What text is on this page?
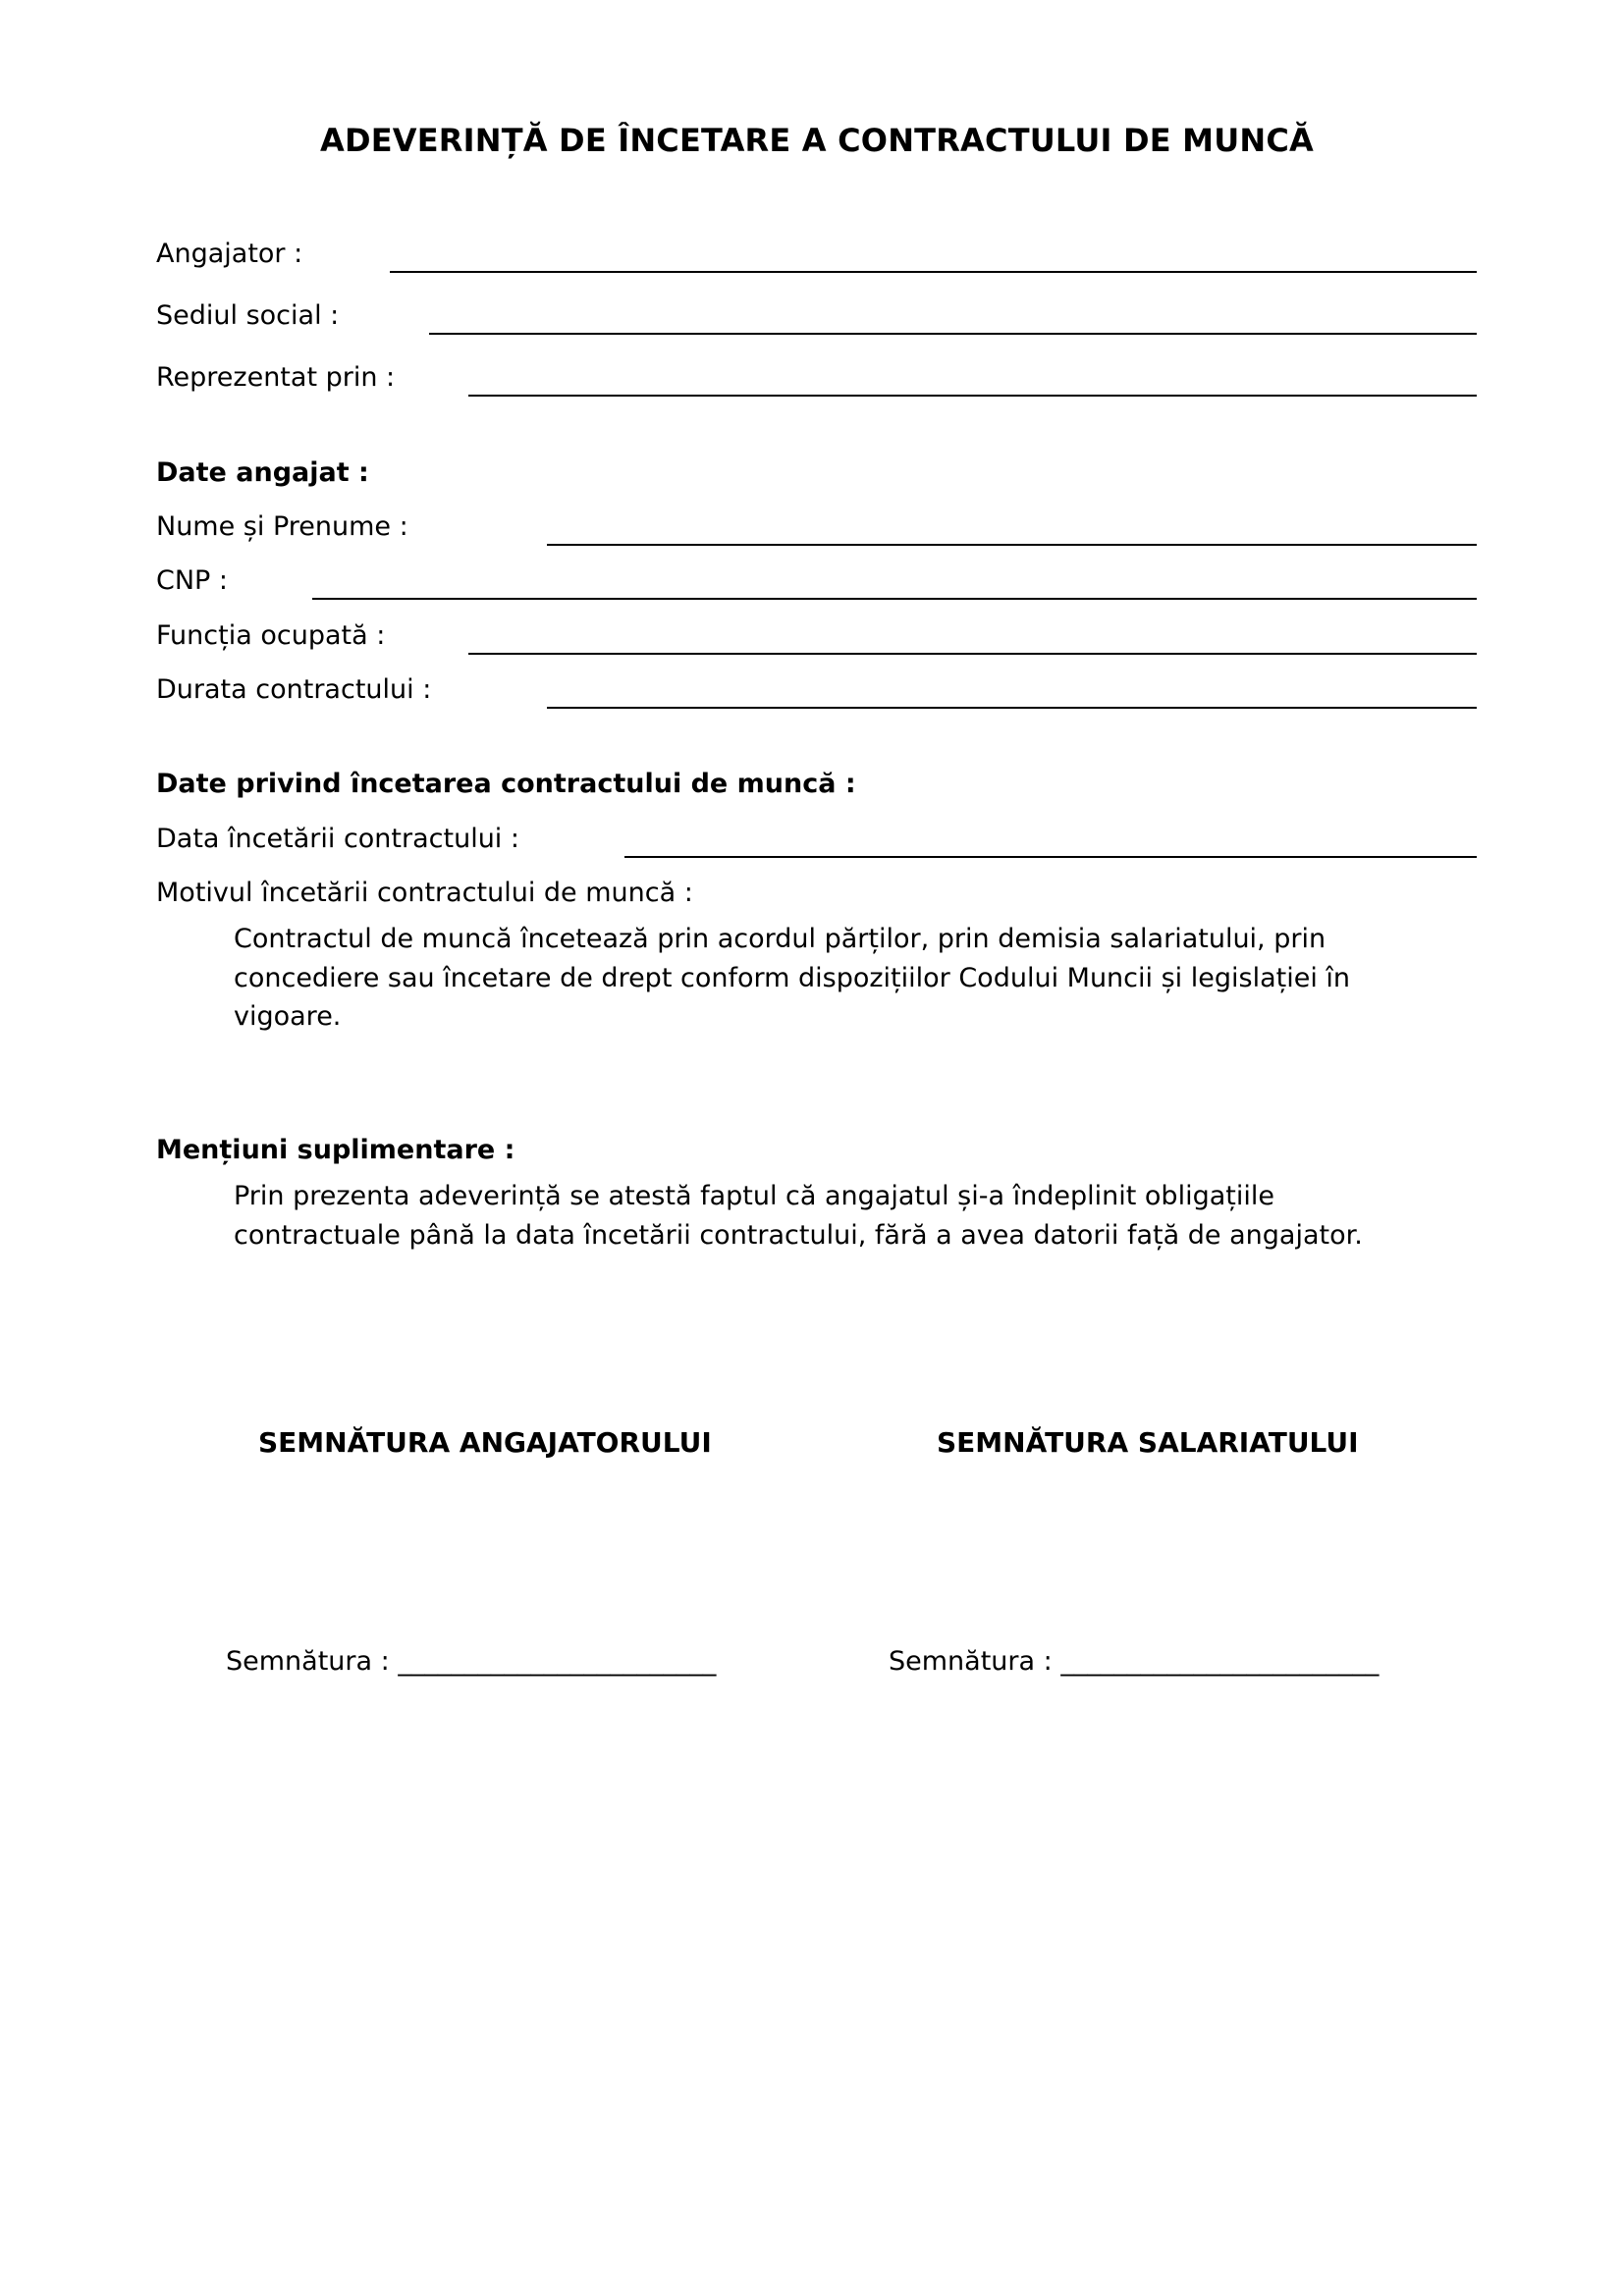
ADEVERINȚĂ DE ÎNCETARE A CONTRACTULUI DE MUNCĂ
Angajator :
Sediul social :
Reprezentat prin :
Date angajat :
Nume și Prenume :
CNP :
Funcția ocupată :
Durata contractului :
Date privind încetarea contractului de muncă :
Data încetării contractului :
Motivul încetării contractului de muncă :
Contractul de muncă încetează prin acordul părților, prin demisia salariatului, prin concediere sau încetare de drept conform dispozițiilor Codului Muncii și legislației în vigoare.
Mențiuni suplimentare :
Prin prezenta adeverință se atestă faptul că angajatul și-a îndeplinit obligațiile contractuale până la data încetării contractului, fără a avea datorii față de angajator.
SEMNĂTURA ANGAJATORULUI	SEMNĂTURA SALARIATULUI
Semnătura : ________________________	Semnătura : ________________________
